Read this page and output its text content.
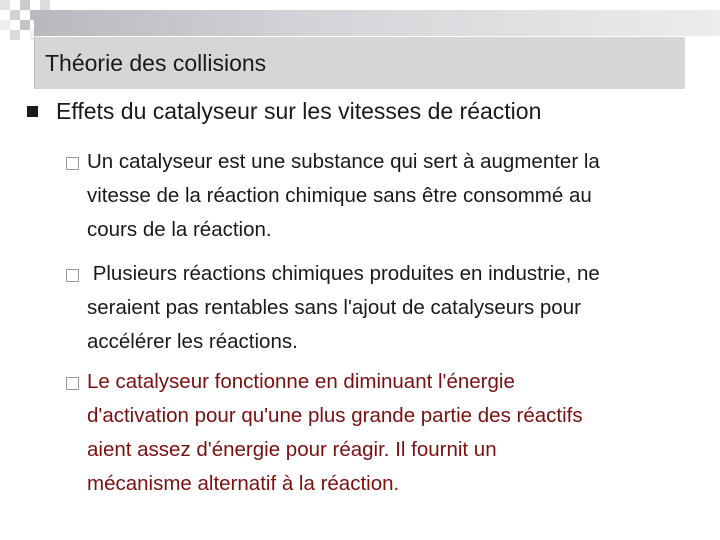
Théorie des collisions
Effets du catalyseur sur les vitesses de réaction
Un catalyseur est une substance qui sert à augmenter la
vitesse de la réaction chimique sans être consommé au
cours de la réaction.
Plusieurs réactions chimiques produites en industrie, ne
seraient pas rentables sans l'ajout de catalyseurs pour
accélérer les réactions.
Le catalyseur fonctionne en diminuant l'énergie
d'activation pour qu'une plus grande partie des réactifs
aient assez d'énergie pour réagir. Il fournit un
mécanisme alternatif à la réaction.
